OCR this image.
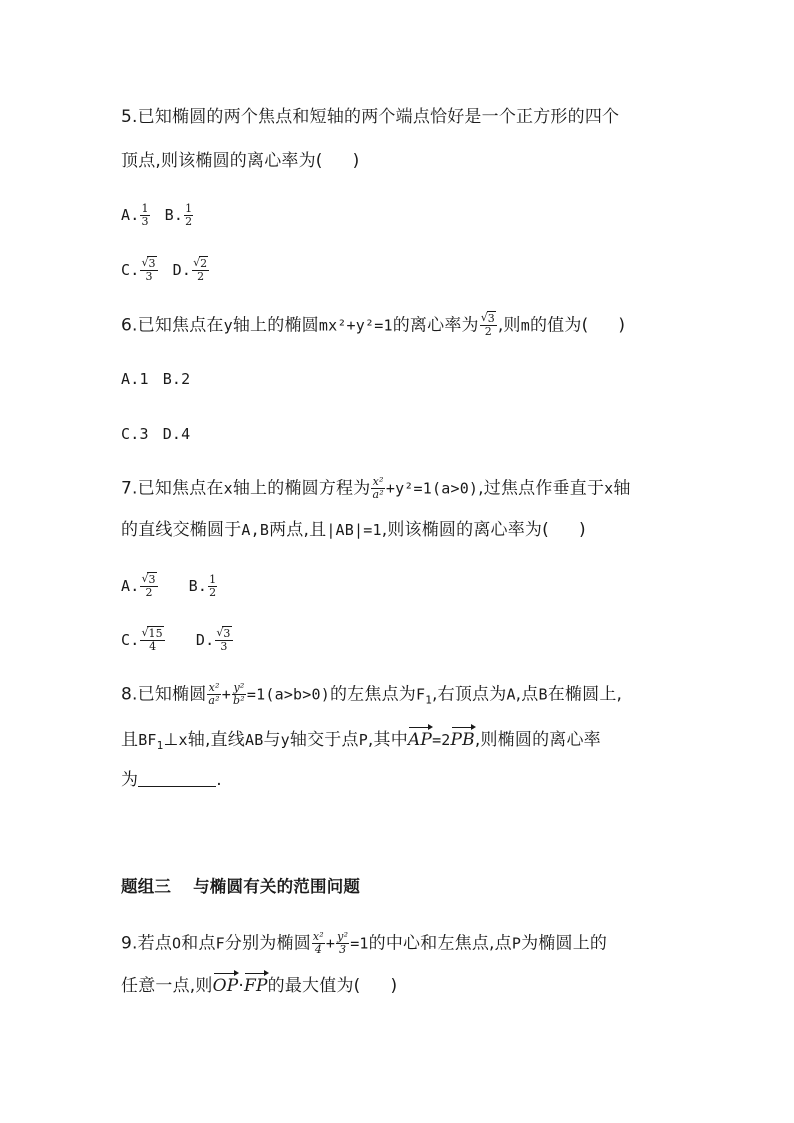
5.已知椭圆的两个焦点和短轴的两个端点恰好是一个正方形的四个
顶点,则该椭圆的离心率为( )
A. $\frac{1}{3} B$. $\frac{1}{2}$
C. $\frac{√ 3}{3} D$. $\frac{√ 2}{2}$
6.已知焦点在y轴上的椭圆mx²+y²=1的离心率为 $\frac{√ 3}{2}$ ,则m的值为( )
A.1 B.2
C.3 D.4
7.已知焦点在x轴上的椭圆方程为 $\frac{\text{x²}}{\text{a²}} +y^2=1(a>0)$,过焦点作垂直于x轴
的直线交椭圆于A,B两点,且|AB|=1,则该椭圆的离心率为( )
A. $\frac{√ 3}{2} B$. $\frac{1}{2}$
C. $\frac{√ 15}{4} D$. $\frac{√ 3}{3}$
8.已知椭圆 $\frac{\text{x²}}{\text{a²}} + \frac{\text{y²}}{\text{b²}} =1(a>b>0)$的左焦点为$F_1$,右顶点为A,点B在椭圆上,
且$BF_1\perp x$轴,直线AB与y轴交于点P,其中AP=2PB,则椭圆的离心率
为	.
题组三 与椭圆有关的范围问题
9.若点O和点F分别为椭圆 $\frac{\text{x²}}{4} + \frac{\text{y²}}{3} =1$的中心和左焦点,点P为椭圆上的
任意一点,则OP·FP的最大值为( )
